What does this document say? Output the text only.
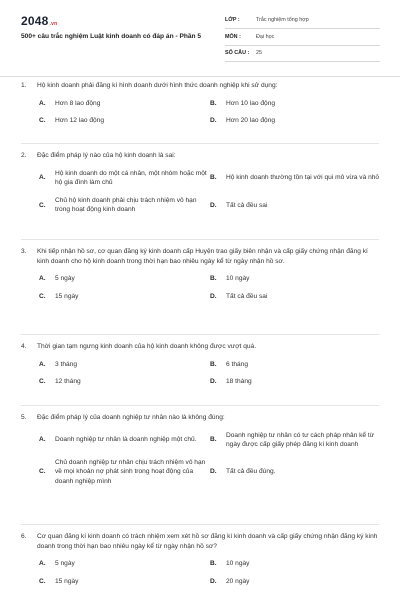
2048.vn
500+ câu trắc nghiệm Luật kinh doanh có đáp án - Phần 5
LỚP :	Trắc nghiệm tổng hợp
MÔN :	Đại học
SỐ CÂU : 25
1.	Hộ kinh doanh phải đăng kí hình doanh dưới hình thức doanh nghiệp khi sử dụng:
A.	Hơn 8 lao động	B.	Hơn 10 lao động
C.	Hơn 12 lao động	D.	Hơn 20 lao động
2.	Đặc điểm pháp lý nào của hộ kinh doanh là sai:
A.
Hộ kinh doanh do một cá nhân, một nhóm hoặc một hộ gia đình làm chủ
B.	Hộ kinh doanh thường tồn tại với qui mô vừa và nhỏ
C.
Chủ hộ kinh doanh phải chịu trách nhiệm vô hạn trong hoạt động kinh doanh
D.	Tất cả đều sai
3.	Khi tiếp nhận hồ sơ, cơ quan đăng ký kinh doanh cấp Huyện trao giấy biên nhận và cấp giấy chứng nhận đăng kí kinh doanh cho hộ kinh doanh trong thời hạn bao nhiêu ngày kể từ ngày nhận hồ sơ.
A.	5 ngày	B.	10 ngày
C.	15 ngày	D.	Tất cả đều sai
4.	Thời gian tạm ngưng kinh doanh của hộ kinh doanh không được vượt quá.
A.	3 tháng	B.	6 tháng
C.	12 tháng	D.	18 tháng
5.	Đặc điểm pháp lý của doanh nghiệp tư nhân nào là không đúng:
A.	Doanh nghiệp tư nhân là doanh nghiệp một chủ.	B.
Doanh nghiệp tư nhân có tư cách pháp nhân kể từ ngày được cấp giấy phép đăng kí kinh doanh
C.
Chủ doanh nghiệp tư nhân chịu trách nhiệm vô hạn về mọi khoản nợ phát sinh trong hoạt động của doanh nghiệp mình
D.	Tất cả đều đúng.
6.	Cơ quan đăng kí kinh doanh có trách nhiệm xem xét hồ sơ đăng kí kinh doanh và cấp giấy chứng nhận đăng ký kinh doanh trong thời hạn bao nhiêu ngày kể từ ngày nhận hồ sơ?
A.	5 ngày	B.	10 ngày
C.	15 ngày	D.	20 ngày
